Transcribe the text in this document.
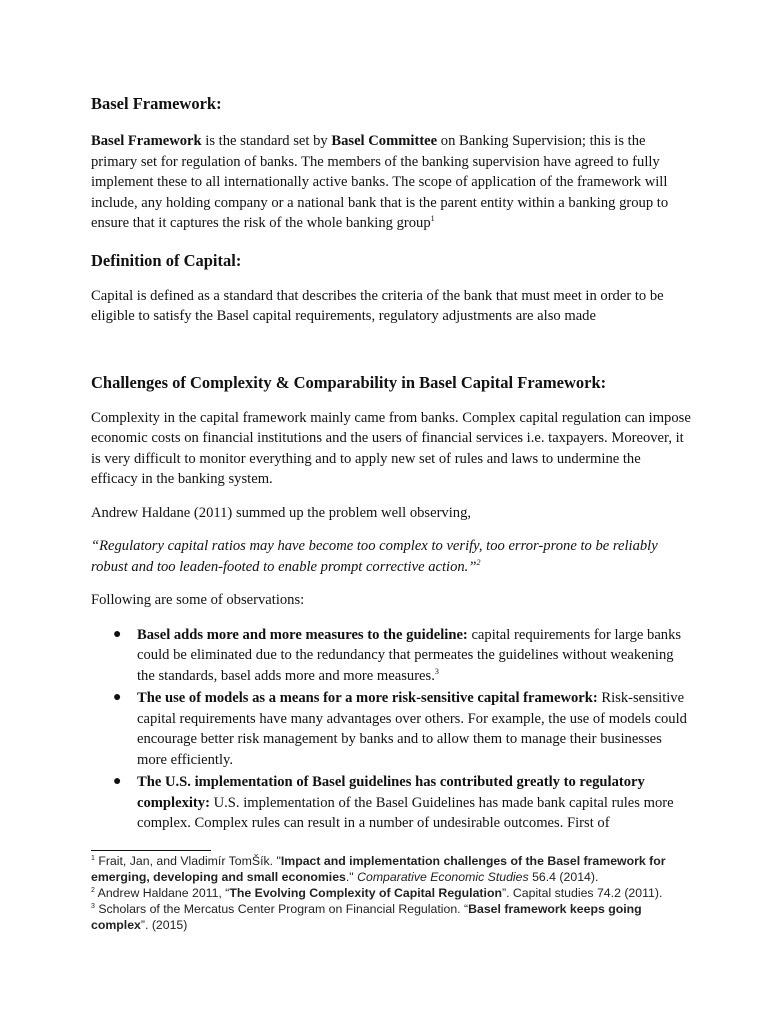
Basel Framework:

Basel Framework is the standard set by Basel Committee on Banking Supervision; this is the primary set for regulation of banks. The members of the banking supervision have agreed to fully implement these to all internationally active banks. The scope of application of the framework will include, any holding company or a national bank that is the parent entity within a banking group to ensure that it captures the risk of the whole banking group$^1$

Definition of Capital:

Capital is defined as a standard that describes the criteria of the bank that must meet in order to be eligible to satisfy the Basel capital requirements, regulatory adjustments are also made

Challenges of Complexity & Comparability in Basel Capital Framework:

Complexity in the capital framework mainly came from banks. Complex capital regulation can impose economic costs on financial institutions and the users of financial services i.e. taxpayers. Moreover, it is very difficult to monitor everything and to apply new set of rules and laws to undermine the efficacy in the banking system.

Andrew Haldane (2011) summed up the problem well observing,

“Regulatory capital ratios may have become too complex to verify, too error-prone to be reliably robust and too leaden-footed to enable prompt corrective action.”$^2$

Following are some of observations:

● Basel adds more and more measures to the guideline: capital requirements for large banks could be eliminated due to the redundancy that permeates the guidelines without weakening the standards, basel adds more and more measures.$^3$
● The use of models as a means for a more risk-sensitive capital framework: Risk-sensitive capital requirements have many advantages over others. For example, the use of models could encourage better risk management by banks and to allow them to manage their businesses more efficiently.
● The U.S. implementation of Basel guidelines has contributed greatly to regulatory complexity: U.S. implementation of the Basel Guidelines has made bank capital rules more complex. Complex rules can result in a number of undesirable outcomes. First of
$^1$ Frait, Jan, and Vladimír TomŠík. "Impact and implementation challenges of the Basel framework for emerging, developing and small economies." Comparative Economic Studies 56.4 (2014).
$^2$ Andrew Haldane 2011, “The Evolving Complexity of Capital Regulation”. Capital studies 74.2 (2011).
$^3$ Scholars of the Mercatus Center Program on Financial Regulation. “Basel framework keeps going complex”. (2015)
